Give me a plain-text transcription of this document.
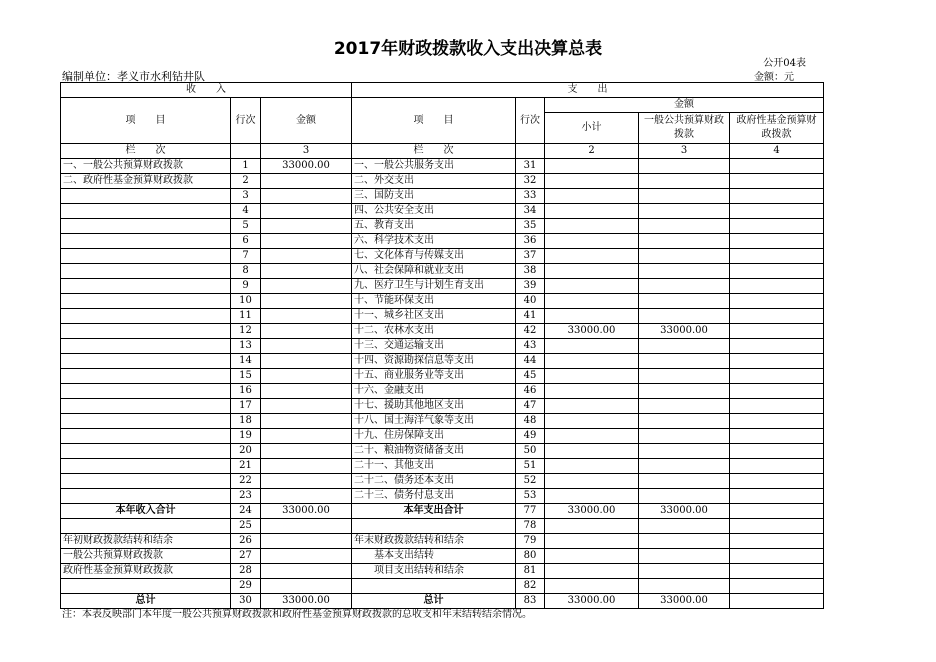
2017年财政拨款收入支出决算总表
公开04表
编制单位：孝义市水利钻井队	金额：元
收　　入			支　　出				
项　　目	行次	金额	项　　目	行次	金额		
					小计	一般公共预算财政拨款	政府性基金预算财政拨款
栏　　次		3	栏　　次		2	3	4
一、一般公共预算财政拨款	1	33000.00	一、一般公共服务支出	31			
二、政府性基金预算财政拨款	2		二、外交支出	32			
	3		三、国防支出	33			
	4		四、公共安全支出	34			
	5		五、教育支出	35			
	6		六、科学技术支出	36			
	7		七、文化体育与传媒支出	37			
	8		八、社会保障和就业支出	38			
	9		九、医疗卫生与计划生育支出	39			
	10		十、节能环保支出	40			
	11		十一、城乡社区支出	41			
	12		十二、农林水支出	42	33000.00	33000.00	
	13		十三、交通运输支出	43			
	14		十四、资源勘探信息等支出	44			
	15		十五、商业服务业等支出	45			
	16		十六、金融支出	46			
	17		十七、援助其他地区支出	47			
	18		十八、国土海洋气象等支出	48			
	19		十九、住房保障支出	49			
	20		二十、粮油物资储备支出	50			
	21		二十一、其他支出	51			
	22		二十二、债务还本支出	52			
	23		二十三、债务付息支出	53			
本年收入合计	24	33000.00	本年支出合计	77	33000.00	33000.00	
	25			78			
年初财政拨款结转和结余	26		年末财政拨款结转和结余	79			
一般公共预算财政拨款	27		　　基本支出结转	80			
政府性基金预算财政拨款	28		　　项目支出结转和结余	81			
	29			82			
总计	30	33000.00	总计	83	33000.00	33000.00	
注：本表反映部门本年度一般公共预算财政拨款和政府性基金预算财政拨款的总收支和年末结转结余情况。
